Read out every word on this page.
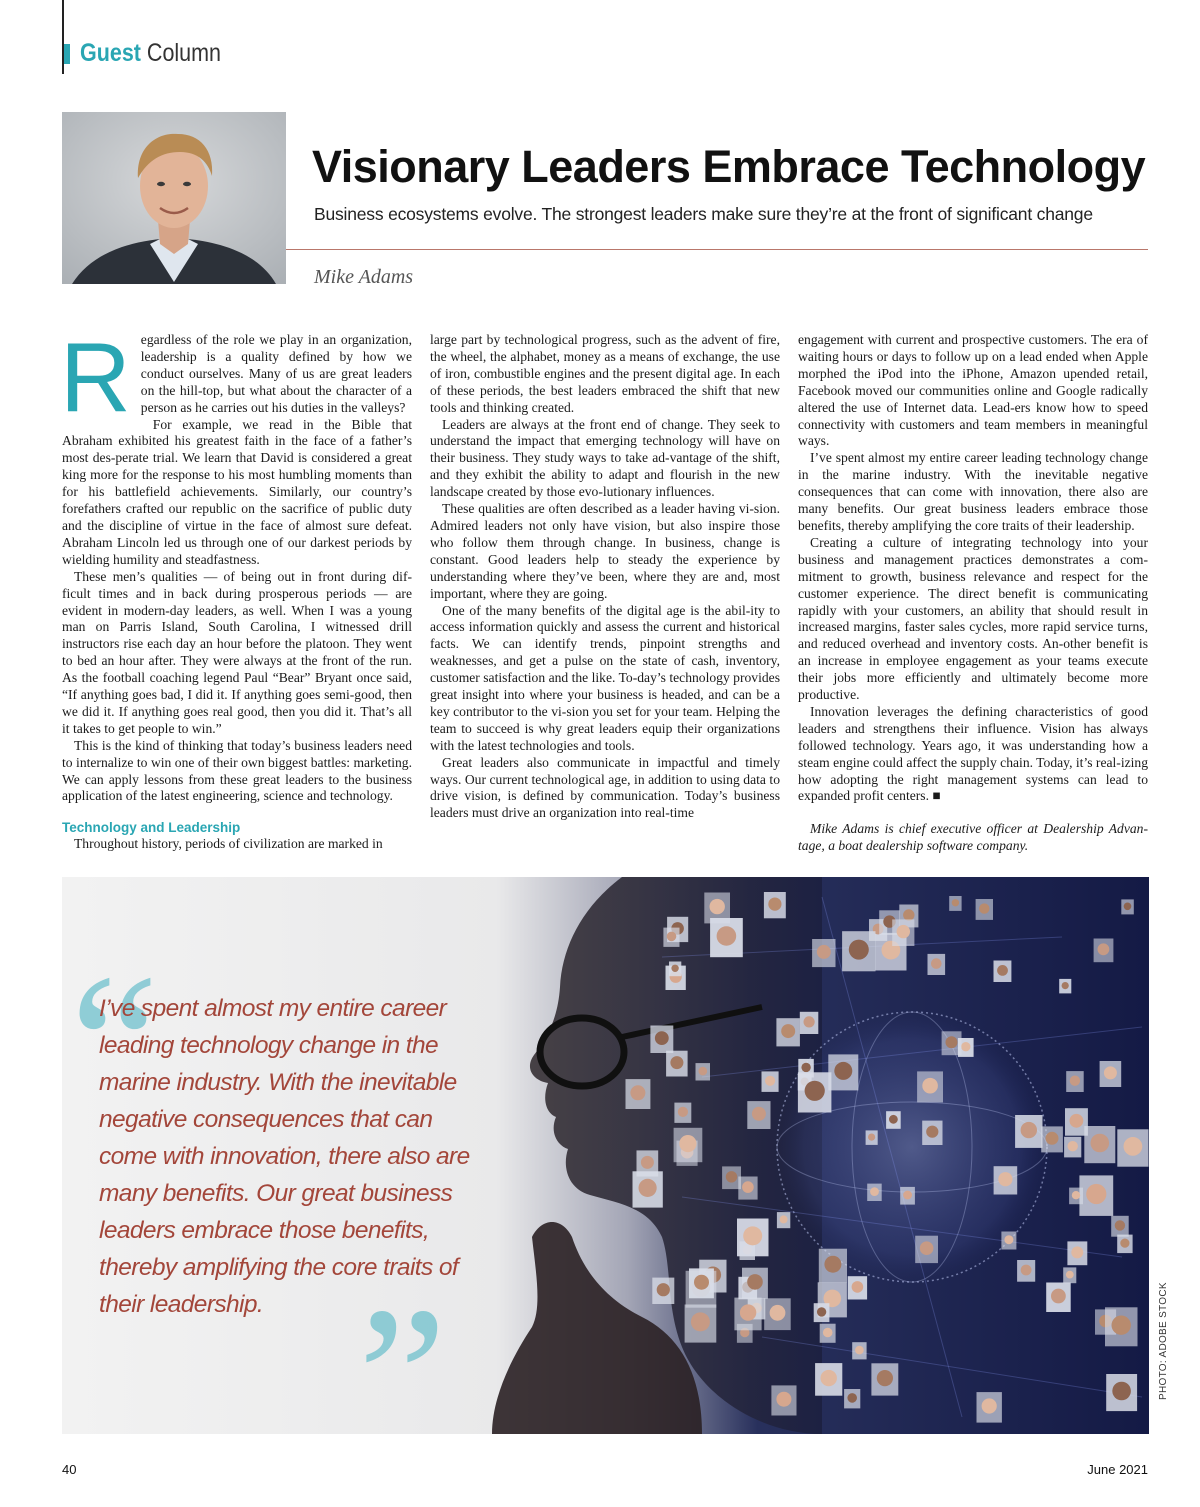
Guest Column
Visionary Leaders Embrace Technology
Business ecosystems evolve. The strongest leaders make sure they’re at the front of significant change
Mike Adams

Regardless of the role we play in an organization, leadership is a quality defined by how we conduct ourselves. Many of us are great leaders on the hill-top, but what about the character of a person as he carries out his duties in the valleys?

For example, we read in the Bible that Abraham exhibited his greatest faith in the face of a father’s most des-perate trial. We learn that David is considered a great king more for the response to his most humbling moments than for his battlefield achievements. Similarly, our country’s forefathers crafted our republic on the sacrifice of public duty and the discipline of virtue in the face of almost sure defeat. Abraham Lincoln led us through one of our darkest periods by wielding humility and steadfastness.

These men’s qualities — of being out in front during dif-ficult times and in back during prosperous periods — are evident in modern-day leaders, as well. When I was a young man on Parris Island, South Carolina, I witnessed drill instructors rise each day an hour before the platoon. They went to bed an hour after. They were always at the front of the run. As the football coaching legend Paul “Bear” Bryant once said, “If anything goes bad, I did it. If anything goes semi-good, then we did it. If anything goes real good, then you did it. That’s all it takes to get people to win.”

This is the kind of thinking that today’s business leaders need to internalize to win one of their own biggest battles: marketing. We can apply lessons from these great leaders to the business application of the latest engineering, science and technology.

Technology and Leadership

Throughout history, periods of civilization are marked in

large part by technological progress, such as the advent of fire, the wheel, the alphabet, money as a means of exchange, the use of iron, combustible engines and the present digital age. In each of these periods, the best leaders embraced the shift that new tools and thinking created.

Leaders are always at the front end of change. They seek to understand the impact that emerging technology will have on their business. They study ways to take ad-vantage of the shift, and they exhibit the ability to adapt and flourish in the new landscape created by those evo-lutionary influences.

These qualities are often described as a leader having vi-sion. Admired leaders not only have vision, but also inspire those who follow them through change. In business, change is constant. Good leaders help to steady the experience by understanding where they’ve been, where they are and, most important, where they are going.

One of the many benefits of the digital age is the abil-ity to access information quickly and assess the current and historical facts. We can identify trends, pinpoint strengths and weaknesses, and get a pulse on the state of cash, inventory, customer satisfaction and the like. To-day’s technology provides great insight into where your business is headed, and can be a key contributor to the vi-sion you set for your team. Helping the team to succeed is why great leaders equip their organizations with the latest technologies and tools.

Great leaders also communicate in impactful and timely ways. Our current technological age, in addition to using data to drive vision, is defined by communication. Today’s business leaders must drive an organization into real-time

engagement with current and prospective customers. The era of waiting hours or days to follow up on a lead ended when Apple morphed the iPod into the iPhone, Amazon upended retail, Facebook moved our communities online and Google radically altered the use of Internet data. Lead-ers know how to speed connectivity with customers and team members in meaningful ways.

I’ve spent almost my entire career leading technology change in the marine industry. With the inevitable negative consequences that can come with innovation, there also are many benefits. Our great business leaders embrace those benefits, thereby amplifying the core traits of their leadership.

Creating a culture of integrating technology into your business and management practices demonstrates a com-mitment to growth, business relevance and respect for the customer experience. The direct benefit is communicating rapidly with your customers, an ability that should result in increased margins, faster sales cycles, more rapid service turns, and reduced overhead and inventory costs. An-other benefit is an increase in employee engagement as your teams execute their jobs more efficiently and ultimately become more productive.

Innovation leverages the defining characteristics of good leaders and strengthens their influence. Vision has always followed technology. Years ago, it was understanding how a steam engine could affect the supply chain. Today, it’s real-izing how adopting the right management systems can lead to expanded profit centers. ■

Mike Adams is chief executive officer at Dealership Advan-tage, a boat dealership software company.

“
I’ve spent almost my entire career leading technology change in the marine industry. With the inevitable negative consequences that can come with innovation, there also are many benefits. Our great business leaders embrace those benefits, thereby amplifying the core traits of their leadership. ”	PHOTO: ADOBE STOCK
40	June 2021
